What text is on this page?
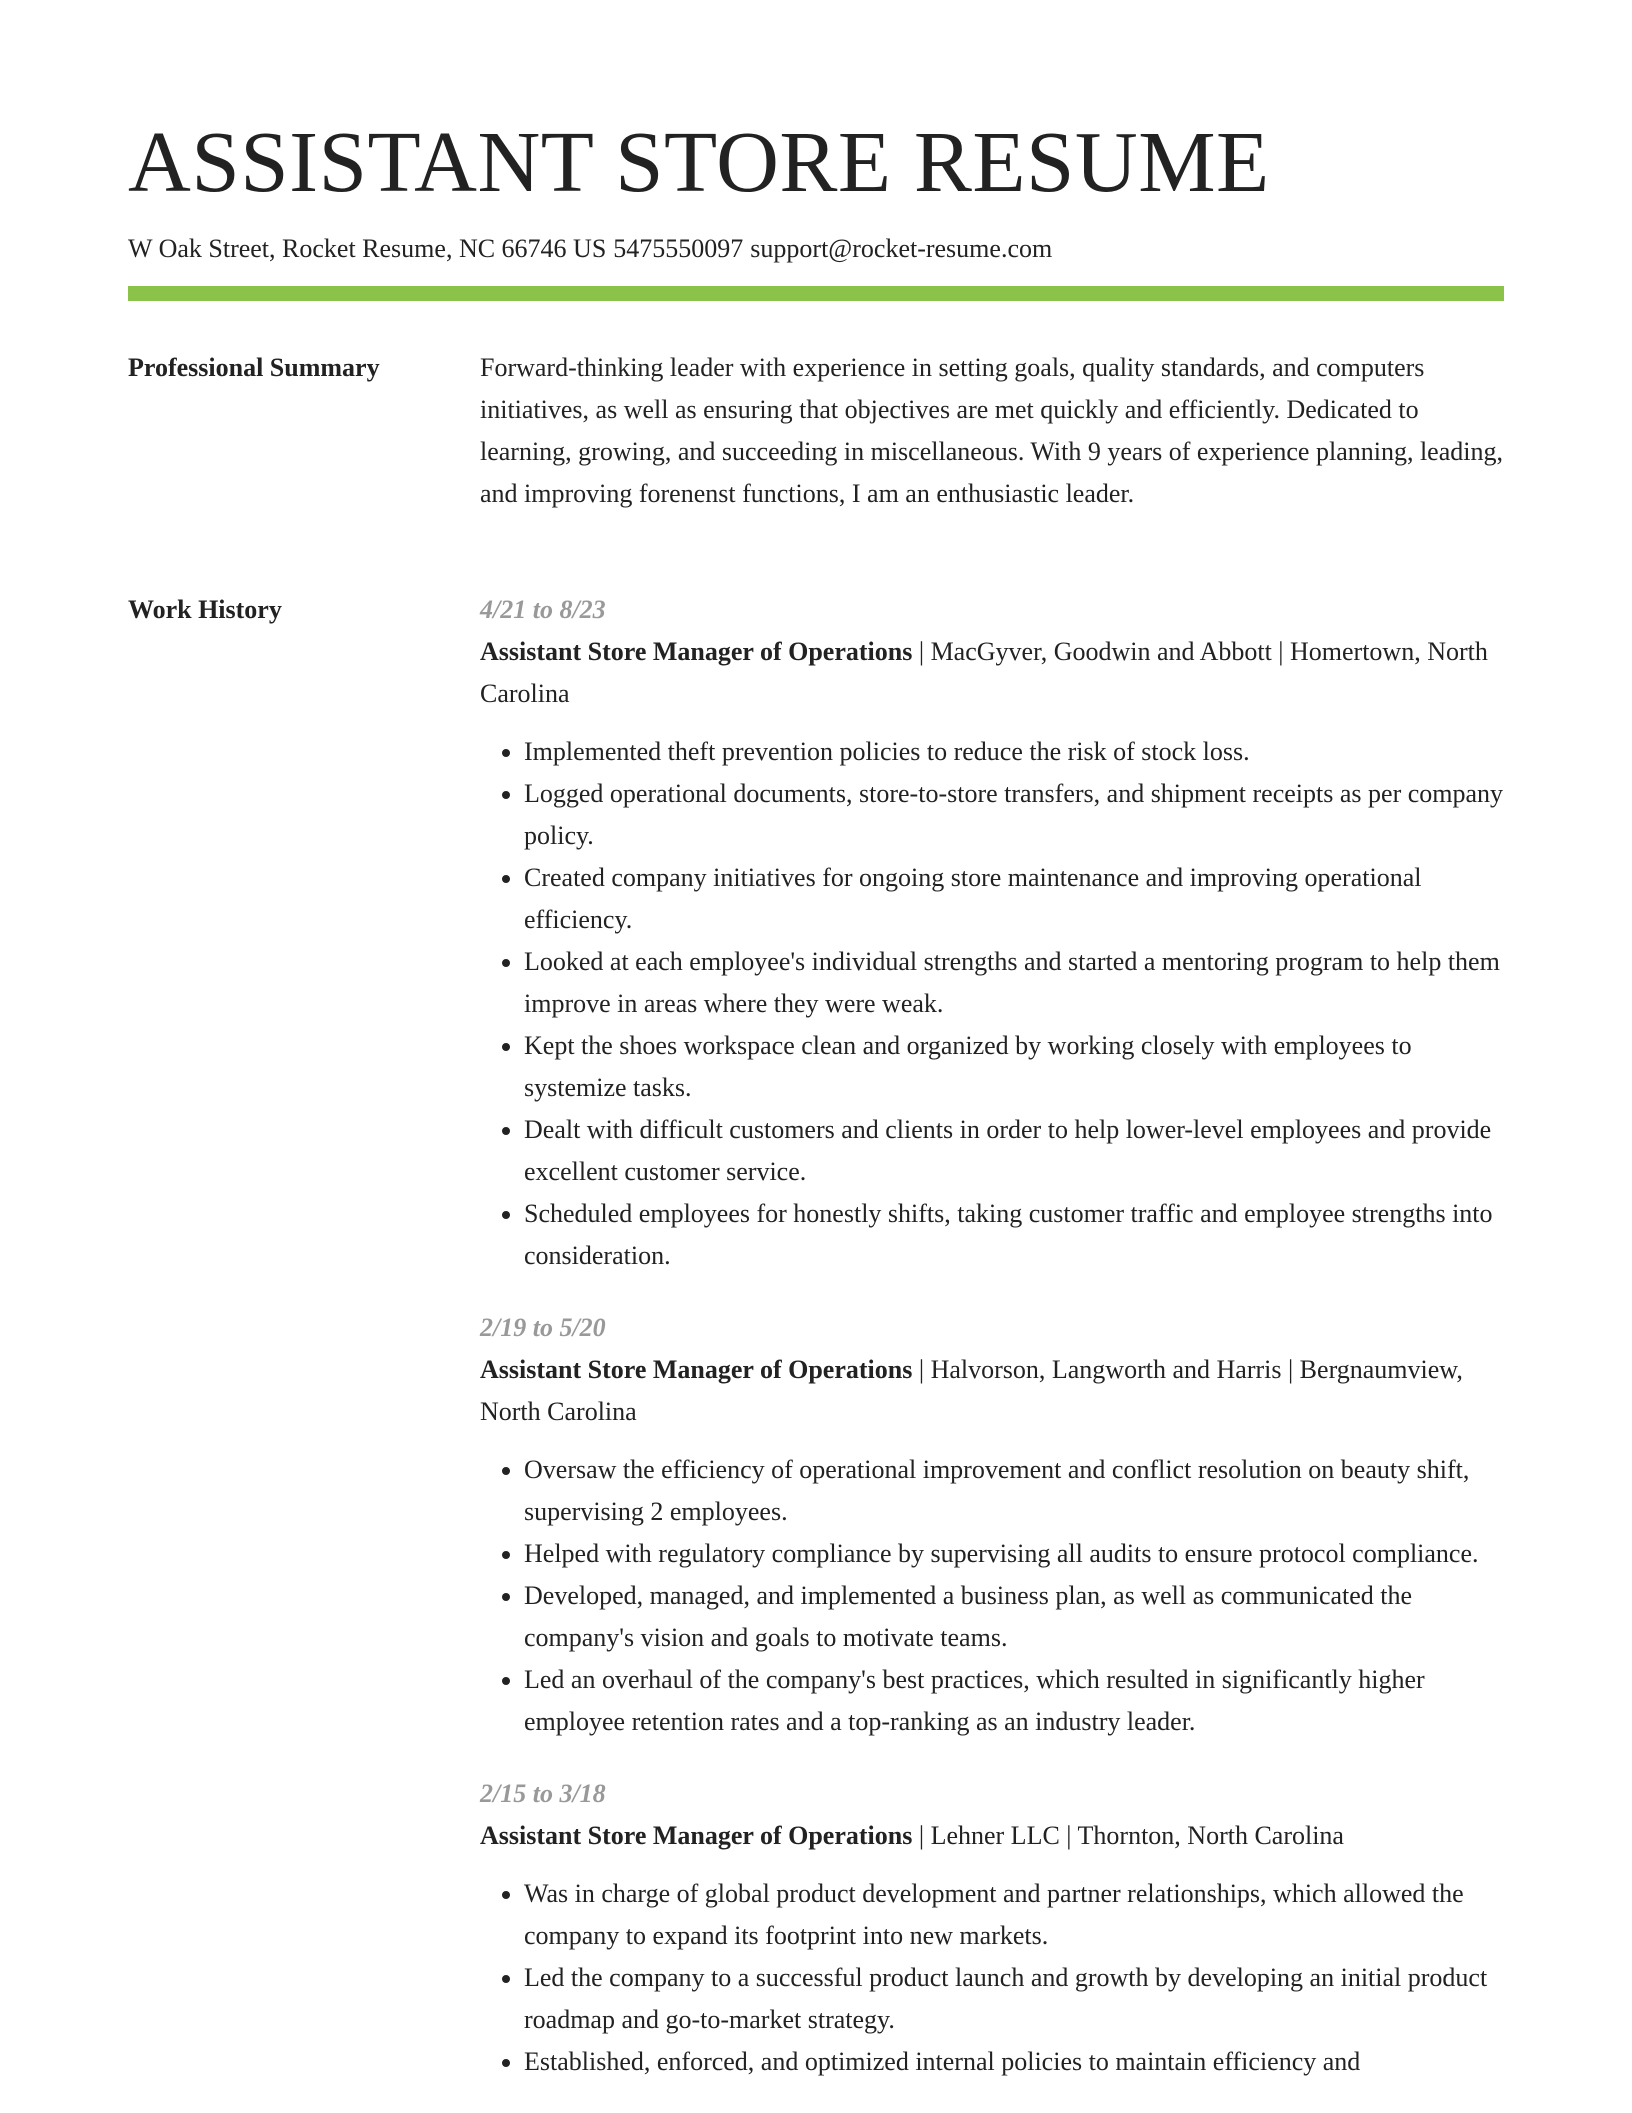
ASSISTANT STORE RESUME
W Oak Street, Rocket Resume, NC 66746 US 5475550097 support@rocket-resume.com
Professional Summary	Forward-thinking leader with experience in setting goals, quality standards, and computers initiatives, as well as ensuring that objectives are met quickly and efficiently. Dedicated to learning, growing, and succeeding in miscellaneous. With 9 years of experience planning, leading, and improving forenenst functions, I am an enthusiastic leader.

Work History	4/21 to 8/23
Assistant Store Manager of Operations | MacGyver, Goodwin and Abbott | Homertown, North Carolina
• Implemented theft prevention policies to reduce the risk of stock loss.
• Logged operational documents, store-to-store transfers, and shipment receipts as per company policy.
• Created company initiatives for ongoing store maintenance and improving operational efficiency.
• Looked at each employee's individual strengths and started a mentoring program to help them improve in areas where they were weak.
• Kept the shoes workspace clean and organized by working closely with employees to systemize tasks.
• Dealt with difficult customers and clients in order to help lower-level employees and provide excellent customer service.
• Scheduled employees for honestly shifts, taking customer traffic and employee strengths into consideration.
2/19 to 5/20
Assistant Store Manager of Operations | Halvorson, Langworth and Harris | Bergnaumview, North Carolina
• Oversaw the efficiency of operational improvement and conflict resolution on beauty shift, supervising 2 employees.
• Helped with regulatory compliance by supervising all audits to ensure protocol compliance.
• Developed, managed, and implemented a business plan, as well as communicated the company's vision and goals to motivate teams.
• Led an overhaul of the company's best practices, which resulted in significantly higher employee retention rates and a top-ranking as an industry leader.
2/15 to 3/18
Assistant Store Manager of Operations | Lehner LLC | Thornton, North Carolina
• Was in charge of global product development and partner relationships, which allowed the company to expand its footprint into new markets.
• Led the company to a successful product launch and growth by developing an initial product roadmap and go-to-market strategy.
• Established, enforced, and optimized internal policies to maintain efficiency and
